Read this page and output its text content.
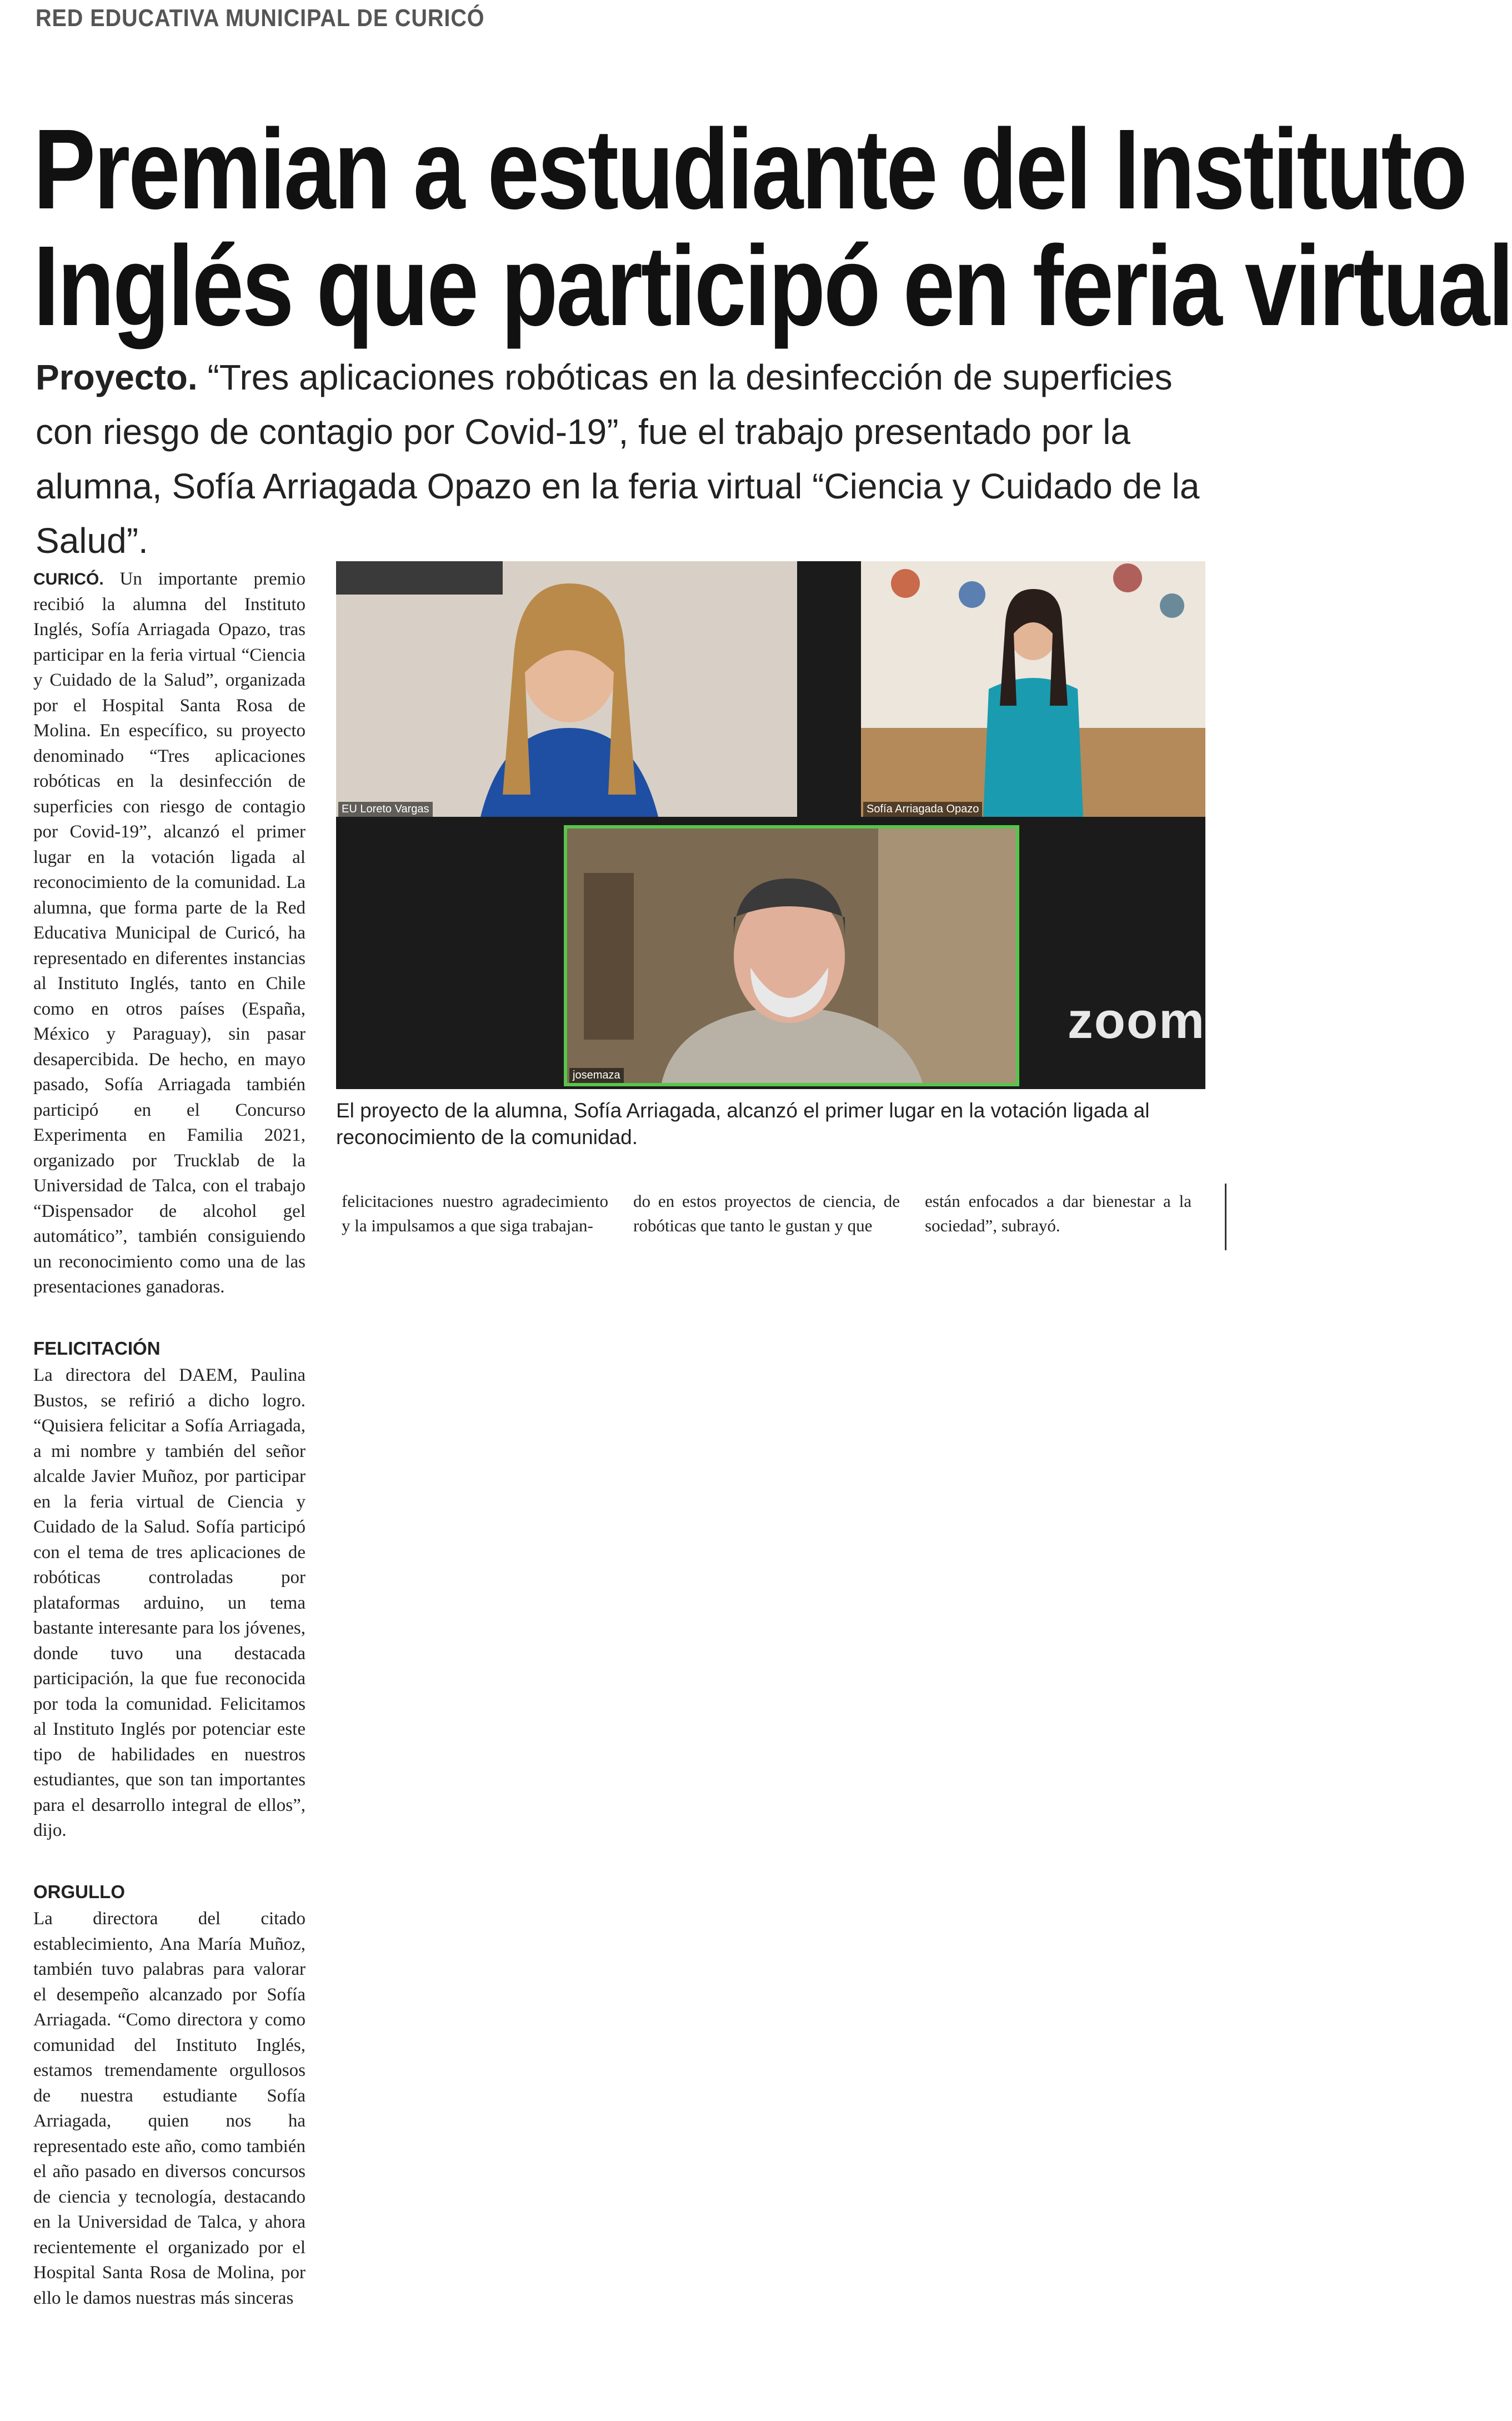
RED EDUCATIVA MUNICIPAL DE CURICÓ
Premian a estudiante del Instituto
Inglés que participó en feria virtual
Proyecto. “Tres aplicaciones robóticas en la desinfección de superficies con riesgo de contagio por Covid-19”, fue el trabajo presentado por la alumna, Sofía Arriagada Opazo en la feria virtual “Ciencia y Cuidado de la Salud”.

CURICÓ. Un importante premio recibió la alumna del Instituto Inglés, Sofía Arriagada Opazo, tras participar en la feria virtual “Ciencia y Cuidado de la Salud”, organizada por el Hospital Santa Rosa de Molina. En específico, su proyecto denominado “Tres aplicaciones robóticas en la desinfección de superficies con riesgo de contagio por Covid-19”, alcanzó el primer lugar en la votación ligada al reconocimiento de la comunidad. La alumna, que forma parte de la Red Educativa Municipal de Curicó, ha representado en diferentes instancias al Instituto Inglés, tanto en Chile como en otros países (España, México y Paraguay), sin pasar desapercibida. De hecho, en mayo pasado, Sofía Arriagada también participó en el Concurso Experimenta en Familia 2021, organizado por Trucklab de la Universidad de Talca, con el trabajo “Dispensador de alcohol gel automático”, también consiguiendo un reconocimiento como una de las presentaciones ganadoras.

FELICITACIÓN

La directora del DAEM, Paulina Bustos, se refirió a dicho logro. “Quisiera felicitar a Sofía Arriagada, a mi nombre y también del señor alcalde Javier Muñoz, por participar en la feria virtual de Ciencia y Cuidado de la Salud. Sofía participó con el tema de tres aplicaciones de robóticas controladas por plataformas arduino, un tema bastante interesante para los jóvenes, donde tuvo una destacada participación, la que fue reconocida por toda la comunidad. Felicitamos al Instituto Inglés por potenciar este tipo de habilidades en nuestros estudiantes, que son tan importantes para el desarrollo integral de ellos”, dijo.

ORGULLO

La directora del citado establecimiento, Ana María Muñoz, también tuvo palabras para valorar el desempeño alcanzado por Sofía Arriagada. “Como directora y como comunidad del Instituto Inglés, estamos tremendamente orgullosos de nuestra estudiante Sofía Arriagada, quien nos ha representado este año, como también el año pasado en diversos concursos de ciencia y tecnología, destacando en la Universidad de Talca, y ahora recientemente el organizado por el Hospital Santa Rosa de Molina, por ello le damos nuestras más sinceras

EU Loreto Vargas	Sofía Arriagada Opazo
josemaza
zoom
El proyecto de la alumna, Sofía Arriagada, alcanzó el primer lugar en la votación ligada al reconocimiento de la comunidad.
felicitaciones nuestro agradecimiento y la impulsamos a que siga trabajan-
do en estos proyectos de ciencia, de robóticas que tanto le gustan y que
están enfocados a dar bienestar a la sociedad”, subrayó.
